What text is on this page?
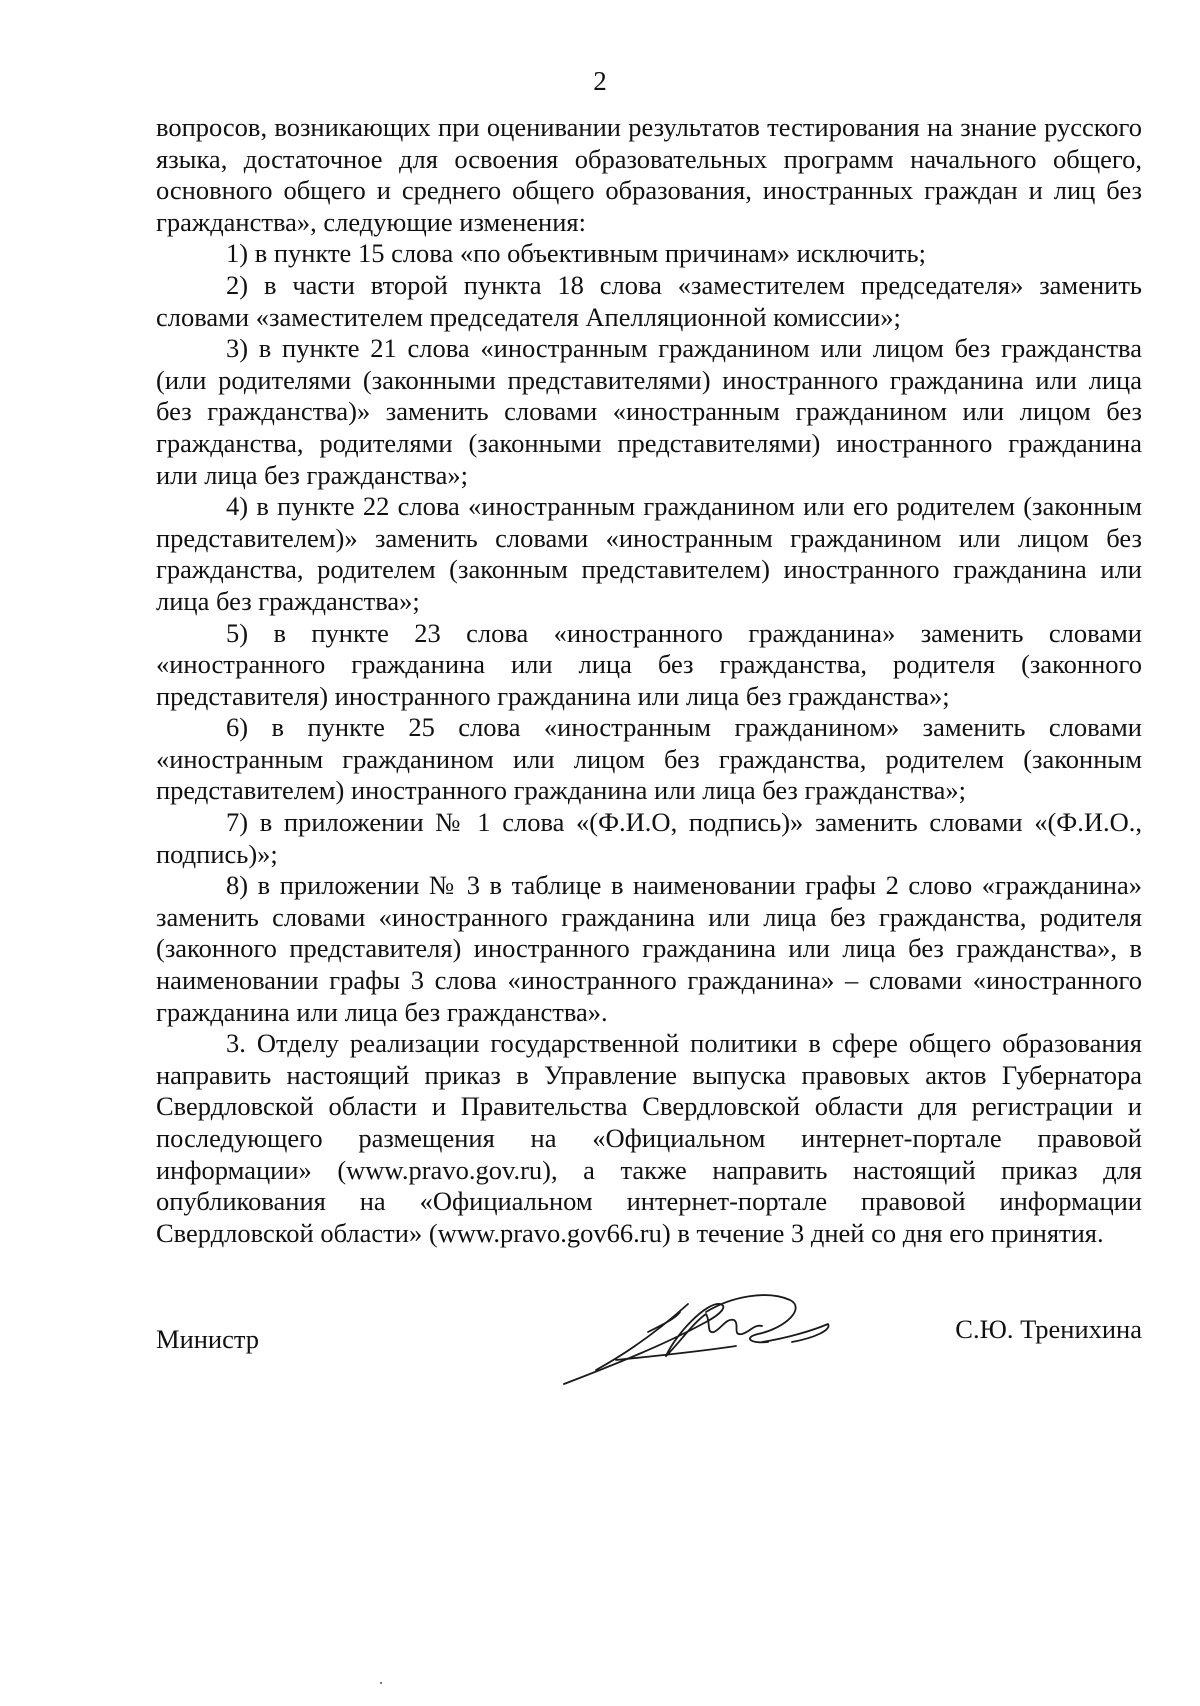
2

вопросов, возникающих при оценивании результатов тестирования на знание русского языка, достаточное для освоения образовательных программ начального общего, основного общего и среднего общего образования, иностранных граждан и лиц без гражданства», следующие изменения:

1) в пункте 15 слова «по объективным причинам» исключить;

2) в части второй пункта 18 слова «заместителем председателя» заменить словами «заместителем председателя Апелляционной комиссии»;

3) в пункте 21 слова «иностранным гражданином или лицом без гражданства (или родителями (законными представителями) иностранного гражданина или лица без гражданства)» заменить словами «иностранным гражданином или лицом без гражданства, родителями (законными представителями) иностранного гражданина или лица без гражданства»;

4) в пункте 22 слова «иностранным гражданином или его родителем (законным представителем)» заменить словами «иностранным гражданином или лицом без гражданства, родителем (законным представителем) иностранного гражданина или лица без гражданства»;

5) в пункте 23 слова «иностранного гражданина» заменить словами «иностранного гражданина или лица без гражданства, родителя (законного представителя) иностранного гражданина или лица без гражданства»;

6) в пункте 25 слова «иностранным гражданином» заменить словами «иностранным гражданином или лицом без гражданства, родителем (законным представителем) иностранного гражданина или лица без гражданства»;

7) в приложении № 1 слова «(Ф.И.О, подпись)» заменить словами «(Ф.И.О., подпись)»;

8) в приложении № 3 в таблице в наименовании графы 2 слово «гражданина» заменить словами «иностранного гражданина или лица без гражданства, родителя (законного представителя) иностранного гражданина или лица без гражданства», в наименовании графы 3 слова «иностранного гражданина» – словами «иностранного гражданина или лица без гражданства».

3. Отделу реализации государственной политики в сфере общего образования направить настоящий приказ в Управление выпуска правовых актов Губернатора Свердловской области и Правительства Свердловской области для регистрации и последующего размещения на «Официальном интернет-портале правовой информации» (www.pravo.gov.ru), а также направить настоящий приказ для опубликования на «Официальном интернет-портале правовой информации Свердловской области» (www.pravo.gov66.ru) в течение 3 дней со дня его принятия.

Министр	С.Ю. Тренихина
